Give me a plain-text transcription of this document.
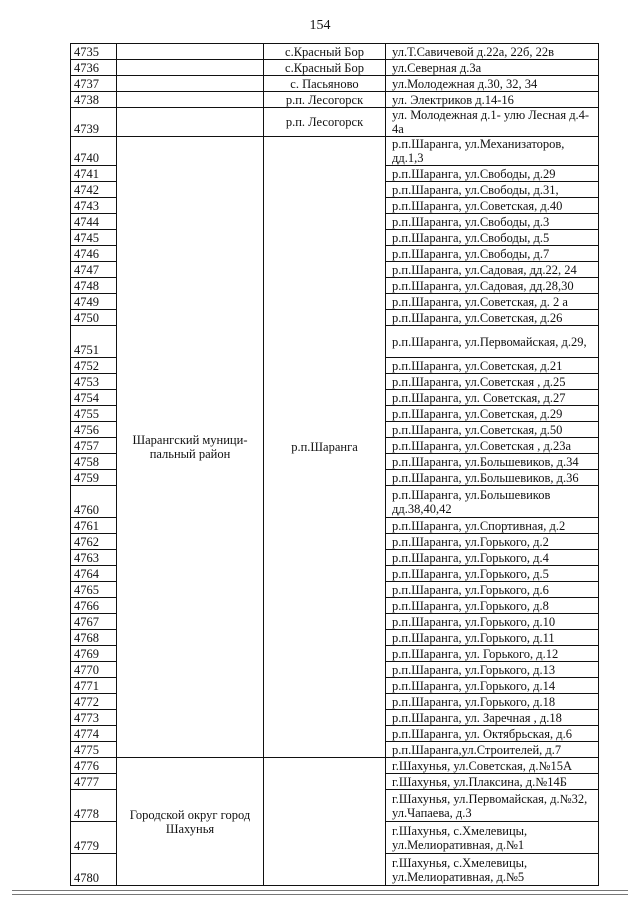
154
4735		с.Красный Бор	ул.Т.Савичевой д.22а, 22б, 22в
4736		с.Красный Бор	ул.Северная д.3а
4737		с. Пасьяново	ул.Молодежная д.30, 32, 34
4738		р.п. Лесогорск	ул. Электриков д.14-16
4739		р.п. Лесогорск	ул. Молодежная д.1- улю Лесная д.4-4а
4740	Шарангский муници-пальный район	р.п.Шаранга	р.п.Шаранга, ул.Механизаторов, дд.1,3
4741			р.п.Шаранга, ул.Свободы, д.29
4742			р.п.Шаранга, ул.Свободы, д.31,
4743			р.п.Шаранга, ул.Советская, д.40
4744			р.п.Шаранга, ул.Свободы, д.3
4745			р.п.Шаранга, ул.Свободы, д.5
4746			р.п.Шаранга, ул.Свободы, д.7
4747			р.п.Шаранга, ул.Садовая, дд.22, 24
4748			р.п.Шаранга, ул.Садовая, дд.28,30
4749			р.п.Шаранга, ул.Советская, д. 2 а
4750			р.п.Шаранга, ул.Советская, д.26
4751			р.п.Шаранга, ул.Первомайская, д.29,
4752			р.п.Шаранга, ул.Советская, д.21
4753			р.п.Шаранга, ул.Советская , д.25
4754			р.п.Шаранга, ул. Советская, д.27
4755			р.п.Шаранга, ул.Советская, д.29
4756			р.п.Шаранга, ул.Советская, д.50
4757			р.п.Шаранга, ул.Советская , д.23а
4758			р.п.Шаранга, ул.Большевиков, д.34
4759			р.п.Шаранга, ул.Большевиков, д.36
4760			р.п.Шаранга, ул.Большевиков дд.38,40,42
4761			р.п.Шаранга, ул.Спортивная, д.2
4762			р.п.Шаранга, ул.Горького, д.2
4763			р.п.Шаранга, ул.Горького, д.4
4764			р.п.Шаранга, ул.Горького, д.5
4765			р.п.Шаранга, ул.Горького, д.6
4766			р.п.Шаранга, ул.Горького, д.8
4767			р.п.Шаранга, ул.Горького, д.10
4768			р.п.Шаранга, ул.Горького, д.11
4769			р.п.Шаранга, ул. Горького, д.12
4770			р.п.Шаранга, ул.Горького, д.13
4771			р.п.Шаранга, ул.Горького, д.14
4772			р.п.Шаранга, ул.Горького, д.18
4773			р.п.Шаранга, ул. Заречная , д.18
4774			р.п.Шаранга, ул. Октябрьская, д.6
4775			р.п.Шаранга,ул.Строителей, д.7
4776	Городской округ город Шахунья		г.Шахунья, ул.Советская, д.№15А
4777			г.Шахунья, ул.Плаксина, д.№14Б
4778			г.Шахунья, ул.Первомайская, д.№32, ул.Чапаева, д.3
4779			г.Шахунья, с.Хмелевицы, ул.Мелиоративная, д.№1
4780			г.Шахунья, с.Хмелевицы, ул.Мелиоративная, д.№5
